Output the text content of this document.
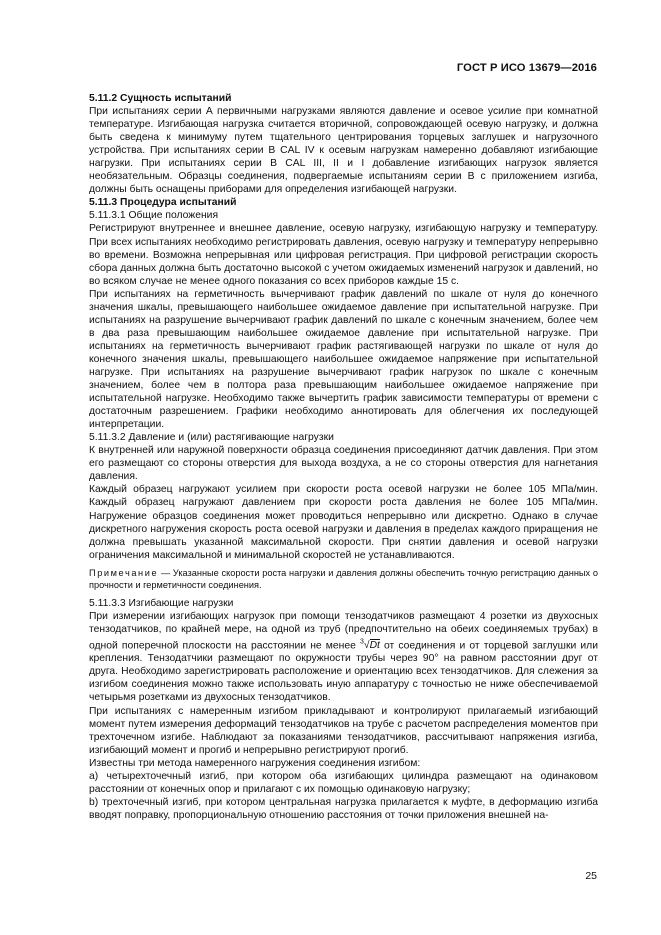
ГОСТ Р ИСО 13679—2016

5.11.2 Сущность испытаний

При испытаниях серии А первичными нагрузками являются давление и осевое усилие при комнатной температуре. Изгибающая нагрузка считается вторичной, сопровождающей осевую нагрузку, и должна быть сведена к минимуму путем тщательного центрирования торцевых заглушек и нагрузочного устройства. При испытаниях серии В CAL IV к осевым нагрузкам намеренно добавляют изгибающие нагрузки. При испытаниях серии В CAL III, II и I добавление изгибающих нагрузок является необязательным. Образцы соединения, подвергаемые испытаниям серии В с приложением изгиба, должны быть оснащены приборами для определения изгибающей нагрузки.

5.11.3 Процедура испытаний

5.11.3.1 Общие положения

Регистрируют внутреннее и внешнее давление, осевую нагрузку, изгибающую нагрузку и температуру. При всех испытаниях необходимо регистрировать давления, осевую нагрузку и температуру непрерывно во времени. Возможна непрерывная или цифровая регистрация. При цифровой регистрации скорость сбора данных должна быть достаточно высокой с учетом ожидаемых изменений нагрузок и давлений, но во всяком случае не менее одного показания со всех приборов каждые 15 с.

При испытаниях на герметичность вычерчивают график давлений по шкале от нуля до конечного значения шкалы, превышающего наибольшее ожидаемое давление при испытательной нагрузке. При испытаниях на разрушение вычерчивают график давлений по шкале с конечным значением, более чем в два раза превышающим наибольшее ожидаемое давление при испытательной нагрузке. При испытаниях на герметичность вычерчивают график растягивающей нагрузки по шкале от нуля до конечного значения шкалы, превышающего наибольшее ожидаемое напряжение при испытательной нагрузке. При испытаниях на разрушение вычерчивают график нагрузок по шкале с конечным значением, более чем в полтора раза превышающим наибольшее ожидаемое напряжение при испытательной нагрузке. Необходимо также вычертить график зависимости температуры от времени с достаточным разрешением. Графики необходимо аннотировать для облегчения их последующей интерпретации.

5.11.3.2 Давление и (или) растягивающие нагрузки

К внутренней или наружной поверхности образца соединения присоединяют датчик давления. При этом его размещают со стороны отверстия для выхода воздуха, а не со стороны отверстия для нагнетания давления.

Каждый образец нагружают усилием при скорости роста осевой нагрузки не более 105 МПа/мин. Каждый образец нагружают давлением при скорости роста давления не более 105 МПа/мин. Нагружение образцов соединения может проводиться непрерывно или дискретно. Однако в случае дискретного нагружения скорость роста осевой нагрузки и давления в пределах каждого приращения не должна превышать указанной максимальной скорости. При снятии давления и осевой нагрузки ограничения максимальной и минимальной скоростей не устанавливаются.

Примечание — Указанные скорости роста нагрузки и давления должны обеспечить точную регистрацию данных о прочности и герметичности соединения.

5.11.3.3 Изгибающие нагрузки

При измерении изгибающих нагрузок при помощи тензодатчиков размещают 4 розетки из двухосных тензодатчиков, по крайней мере, на одной из труб (предпочтительно на обеих соединяемых трубах) в одной поперечной плоскости на расстоянии не менее $^3$√Dt от соединения и от торцевой заглушки или крепления. Тензодатчики размещают по окружности трубы через 90° на равном расстоянии друг от друга. Необходимо зарегистрировать расположение и ориентацию всех тензодатчиков. Для слежения за изгибом соединения можно также использовать иную аппаратуру с точностью не ниже обеспечиваемой четырьмя розетками из двухосных тензодатчиков.

При испытаниях с намеренным изгибом прикладывают и контролируют прилагаемый изгибающий момент путем измерения деформаций тензодатчиков на трубе с расчетом распределения моментов при трехточечном изгибе. Наблюдают за показаниями тензодатчиков, рассчитывают напряжения изгиба, изгибающий момент и прогиб и непрерывно регистрируют прогиб.

Известны три метода намеренного нагружения соединения изгибом:

a) четырехточечный изгиб, при котором оба изгибающих цилиндра размещают на одинаковом расстоянии от конечных опор и прилагают с их помощью одинаковую нагрузку;

b) трехточечный изгиб, при котором центральная нагрузка прилагается к муфте, в деформацию изгиба вводят поправку, пропорциональную отношению расстояния от точки приложения внешней на-

25
